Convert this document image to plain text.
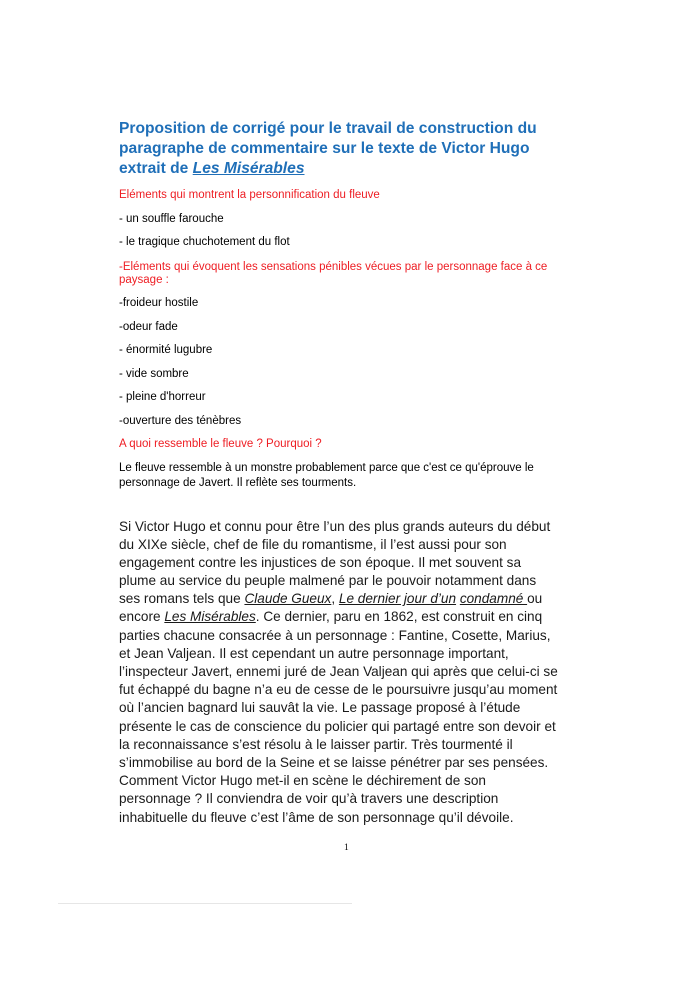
Proposition de corrigé pour le travail de construction du
paragraphe de commentaire sur le texte de Victor Hugo
extrait de Les Misérables
Eléments qui montrent la personnification du fleuve
- un souffle farouche
- le tragique chuchotement du flot
-Eléments qui évoquent les sensations pénibles vécues par le personnage face à ce
paysage :
-froideur hostile
-odeur fade
- énormité lugubre
- vide sombre
- pleine d'horreur
-ouverture des ténèbres
A quoi ressemble le fleuve ? Pourquoi ?
Le fleuve ressemble à un monstre probablement parce que c'est ce qu'éprouve le
personnage de Javert. Il reflète ses tourments.
Si Victor Hugo et connu pour être l’un des plus grands auteurs du début
du XIXe siècle, chef de file du romantisme, il l’est aussi pour son
engagement contre les injustices de son époque. Il met souvent sa
plume au service du peuple malmené par le pouvoir notamment dans
ses romans tels que Claude Gueux, Le dernier jour d’un condamné ou
encore Les Misérables. Ce dernier, paru en 1862, est construit en cinq
parties chacune consacrée à un personnage : Fantine, Cosette, Marius,
et Jean Valjean. Il est cependant un autre personnage important,
l’inspecteur Javert, ennemi juré de Jean Valjean qui après que celui-ci se
fut échappé du bagne n’a eu de cesse de le poursuivre jusqu’au moment
où l’ancien bagnard lui sauvât la vie. Le passage proposé à l’étude
présente le cas de conscience du policier qui partagé entre son devoir et
la reconnaissance s’est résolu à le laisser partir. Très tourmenté il
s’immobilise au bord de la Seine et se laisse pénétrer par ses pensées.
Comment Victor Hugo met-il en scène le déchirement de son
personnage ? Il conviendra de voir qu’à travers une description
inhabituelle du fleuve c’est l’âme de son personnage qu’il dévoile.
1
